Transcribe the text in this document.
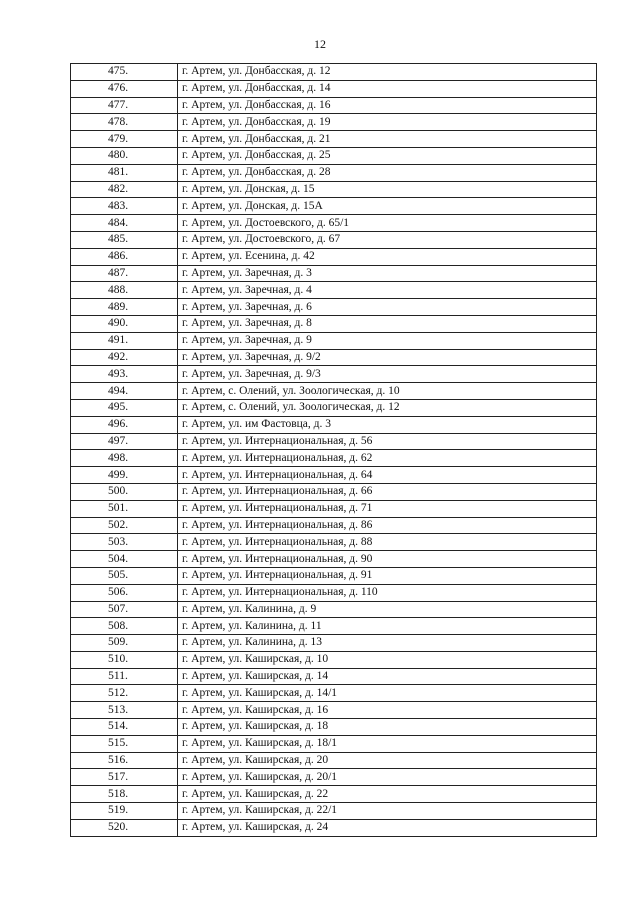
12
475.	г. Артем, ул. Донбасская, д. 12
476.	г. Артем, ул. Донбасская, д. 14
477.	г. Артем, ул. Донбасская, д. 16
478.	г. Артем, ул. Донбасская, д. 19
479.	г. Артем, ул. Донбасская, д. 21
480.	г. Артем, ул. Донбасская, д. 25
481.	г. Артем, ул. Донбасская, д. 28
482.	г. Артем, ул. Донская, д. 15
483.	г. Артем, ул. Донская, д. 15А
484.	г. Артем, ул. Достоевского, д. 65/1
485.	г. Артем, ул. Достоевского, д. 67
486.	г. Артем, ул. Есенина, д. 42
487.	г. Артем, ул. Заречная, д. 3
488.	г. Артем, ул. Заречная, д. 4
489.	г. Артем, ул. Заречная, д. 6
490.	г. Артем, ул. Заречная, д. 8
491.	г. Артем, ул. Заречная, д. 9
492.	г. Артем, ул. Заречная, д. 9/2
493.	г. Артем, ул. Заречная, д. 9/3
494.	г. Артем, с. Олений, ул. Зоологическая, д. 10
495.	г. Артем, с. Олений, ул. Зоологическая, д. 12
496.	г. Артем, ул. им Фастовца, д. 3
497.	г. Артем, ул. Интернациональная, д. 56
498.	г. Артем, ул. Интернациональная, д. 62
499.	г. Артем, ул. Интернациональная, д. 64
500.	г. Артем, ул. Интернациональная, д. 66
501.	г. Артем, ул. Интернациональная, д. 71
502.	г. Артем, ул. Интернациональная, д. 86
503.	г. Артем, ул. Интернациональная, д. 88
504.	г. Артем, ул. Интернациональная, д. 90
505.	г. Артем, ул. Интернациональная, д. 91
506.	г. Артем, ул. Интернациональная, д. 110
507.	г. Артем, ул. Калинина, д. 9
508.	г. Артем, ул. Калинина, д. 11
509.	г. Артем, ул. Калинина, д. 13
510.	г. Артем, ул. Каширская, д. 10
511.	г. Артем, ул. Каширская, д. 14
512.	г. Артем, ул. Каширская, д. 14/1
513.	г. Артем, ул. Каширская, д. 16
514.	г. Артем, ул. Каширская, д. 18
515.	г. Артем, ул. Каширская, д. 18/1
516.	г. Артем, ул. Каширская, д. 20
517.	г. Артем, ул. Каширская, д. 20/1
518.	г. Артем, ул. Каширская, д. 22
519.	г. Артем, ул. Каширская, д. 22/1
520.	г. Артем, ул. Каширская, д. 24
